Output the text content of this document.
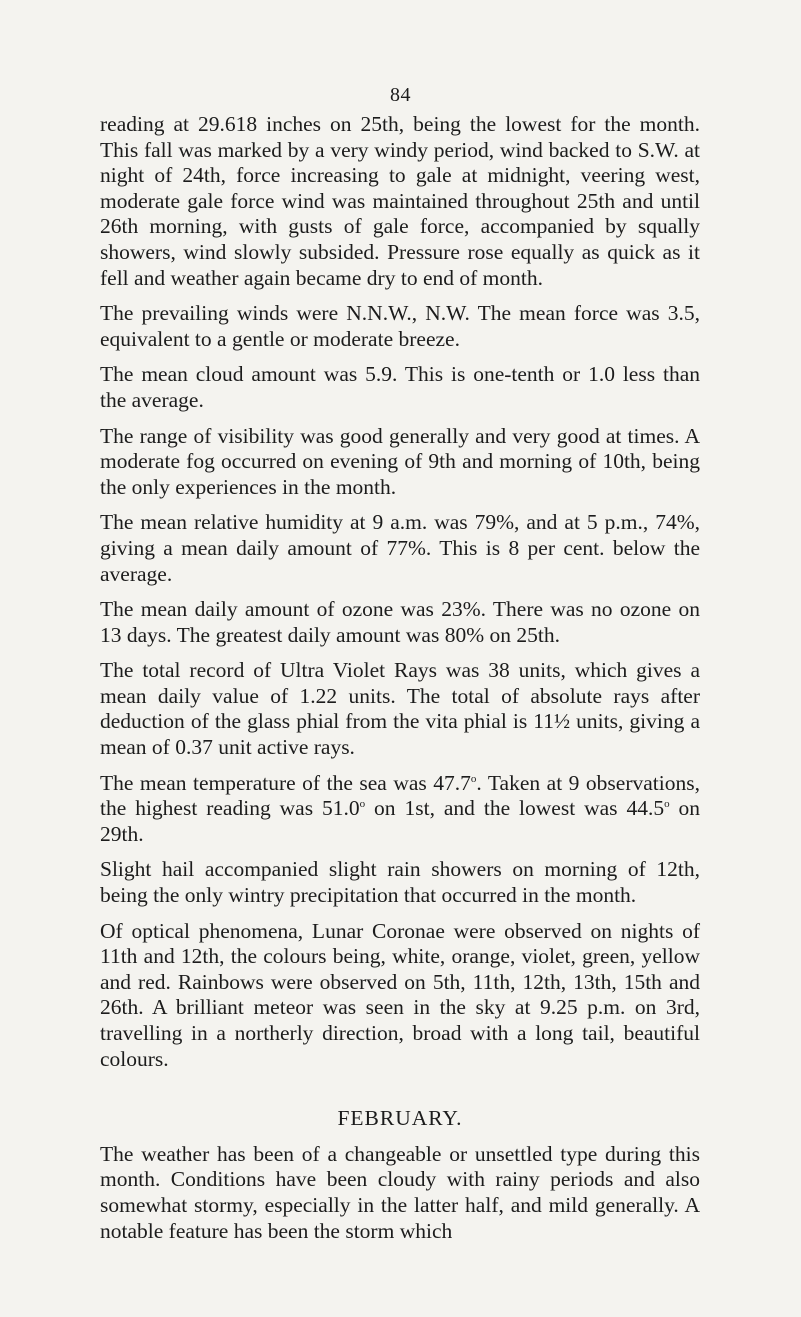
84

reading at 29.618 inches on 25th, being the lowest for the month. This fall was marked by a very windy period, wind backed to S.W. at night of 24th, force increasing to gale at midnight, veering west, moderate gale force wind was maintained throughout 25th and until 26th morning, with gusts of gale force, accompanied by squally showers, wind slowly subsided. Pressure rose equally as quick as it fell and weather again became dry to end of month.

The prevailing winds were N.N.W., N.W. The mean force was 3.5, equivalent to a gentle or moderate breeze.

The mean cloud amount was 5.9. This is one-tenth or 1.0 less than the average.

The range of visibility was good generally and very good at times. A moderate fog occurred on evening of 9th and morning of 10th, being the only experiences in the month.

The mean relative humidity at 9 a.m. was 79%, and at 5 p.m., 74%, giving a mean daily amount of 77%. This is 8 per cent. below the average.

The mean daily amount of ozone was 23%. There was no ozone on 13 days. The greatest daily amount was 80% on 25th.

The total record of Ultra Violet Rays was 38 units, which gives a mean daily value of 1.22 units. The total of absolute rays after deduction of the glass phial from the vita phial is 11½ units, giving a mean of 0.37 unit active rays.

The mean temperature of the sea was 47.7$^o$. Taken at 9 observations, the highest reading was 51.0$^o$ on 1st, and the lowest was 44.5$^o$ on 29th.

Slight hail accompanied slight rain showers on morning of 12th, being the only wintry precipitation that occurred in the month.

Of optical phenomena, Lunar Coronae were observed on nights of 11th and 12th, the colours being, white, orange, violet, green, yellow and red. Rainbows were observed on 5th, 11th, 12th, 13th, 15th and 26th. A brilliant meteor was seen in the sky at 9.25 p.m. on 3rd, travelling in a northerly direction, broad with a long tail, beautiful colours.

FEBRUARY.

The weather has been of a changeable or unsettled type during this month. Conditions have been cloudy with rainy periods and also somewhat stormy, especially in the latter half, and mild generally. A notable feature has been the storm which
